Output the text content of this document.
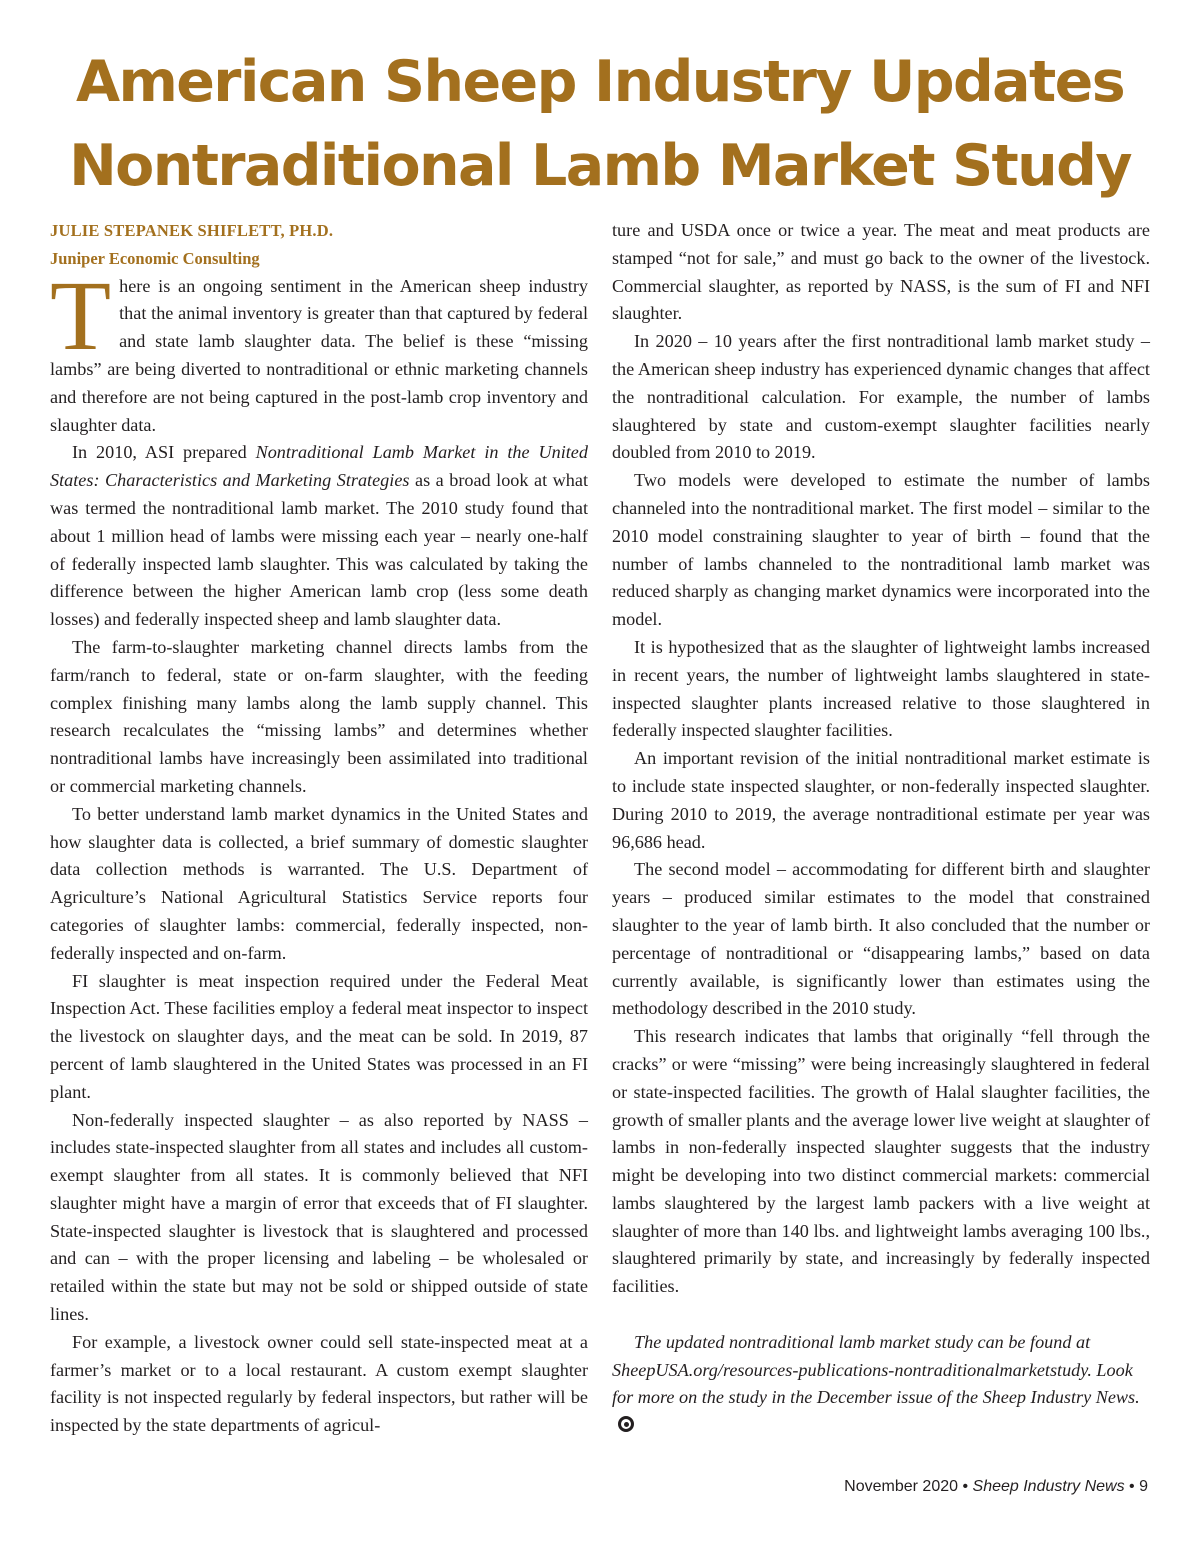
American Sheep Industry Updates
Nontraditional Lamb Market Study
JULIE STEPANEK SHIFLETT, PH.D.
Juniper Economic Consulting

There is an ongoing sentiment in the American sheep industry that the animal inventory is greater than that captured by federal and state lamb slaughter data. The belief is these “missing lambs” are being diverted to nontraditional or ethnic marketing channels and therefore are not being captured in the post-lamb crop inventory and slaughter data.

In 2010, ASI prepared Nontraditional Lamb Market in the United States: Characteristics and Marketing Strategies as a broad look at what was termed the nontraditional lamb market. The 2010 study found that about 1 million head of lambs were missing each year – nearly one-half of federally inspected lamb slaughter. This was calculated by taking the difference between the higher American lamb crop (less some death losses) and federally inspected sheep and lamb slaughter data.

The farm-to-slaughter marketing channel directs lambs from the farm/ranch to federal, state or on-farm slaughter, with the feeding complex finishing many lambs along the lamb supply channel. This research recalculates the “missing lambs” and determines whether nontraditional lambs have increasingly been assimilated into traditional or commercial marketing channels.

To better understand lamb market dynamics in the United States and how slaughter data is collected, a brief summary of domestic slaughter data collection methods is warranted. The U.S. Department of Agriculture’s National Agricultural Statistics Service reports four categories of slaughter lambs: commercial, federally inspected, non-federally inspected and on-farm.

FI slaughter is meat inspection required under the Federal Meat Inspection Act. These facilities employ a federal meat inspector to inspect the livestock on slaughter days, and the meat can be sold. In 2019, 87 percent of lamb slaughtered in the United States was processed in an FI plant.

Non-federally inspected slaughter – as also reported by NASS – includes state-inspected slaughter from all states and includes all custom-exempt slaughter from all states. It is commonly believed that NFI slaughter might have a margin of error that exceeds that of FI slaughter. State-inspected slaughter is livestock that is slaughtered and processed and can – with the proper licensing and labeling – be wholesaled or retailed within the state but may not be sold or shipped outside of state lines.

For example, a livestock owner could sell state-inspected meat at a farmer’s market or to a local restaurant. A custom exempt slaughter facility is not inspected regularly by federal inspectors, but rather will be inspected by the state departments of agricul-

ture and USDA once or twice a year. The meat and meat products are stamped “not for sale,” and must go back to the owner of the livestock. Commercial slaughter, as reported by NASS, is the sum of FI and NFI slaughter.

In 2020 – 10 years after the first nontraditional lamb market study –the American sheep industry has experienced dynamic changes that affect the nontraditional calculation. For example, the number of lambs slaughtered by state and custom-exempt slaughter facilities nearly doubled from 2010 to 2019.

Two models were developed to estimate the number of lambs channeled into the nontraditional market. The first model – similar to the 2010 model constraining slaughter to year of birth – found that the number of lambs channeled to the nontraditional lamb market was reduced sharply as changing market dynamics were incorporated into the model.

It is hypothesized that as the slaughter of lightweight lambs increased in recent years, the number of lightweight lambs slaughtered in state-inspected slaughter plants increased relative to those slaughtered in federally inspected slaughter facilities.

An important revision of the initial nontraditional market estimate is to include state inspected slaughter, or non-federally inspected slaughter. During 2010 to 2019, the average nontraditional estimate per year was 96,686 head.

The second model – accommodating for different birth and slaughter years – produced similar estimates to the model that constrained slaughter to the year of lamb birth. It also concluded that the number or percentage of nontraditional or “disappearing lambs,” based on data currently available, is significantly lower than estimates using the methodology described in the 2010 study.

This research indicates that lambs that originally “fell through the cracks” or were “missing” were being increasingly slaughtered in federal or state-inspected facilities. The growth of Halal slaughter facilities, the growth of smaller plants and the average lower live weight at slaughter of lambs in non-federally inspected slaughter suggests that the industry might be developing into two distinct commercial markets: commercial lambs slaughtered by the largest lamb packers with a live weight at slaughter of more than 140 lbs. and lightweight lambs averaging 100 lbs., slaughtered primarily by state, and increasingly by federally inspected facilities.

The updated nontraditional lamb market study can be found at SheepUSA.org/resources-publications-nontraditionalmarketstudy. Look for more on the study in the December issue of the Sheep Industry News.

November 2020 • Sheep Industry News • 9
